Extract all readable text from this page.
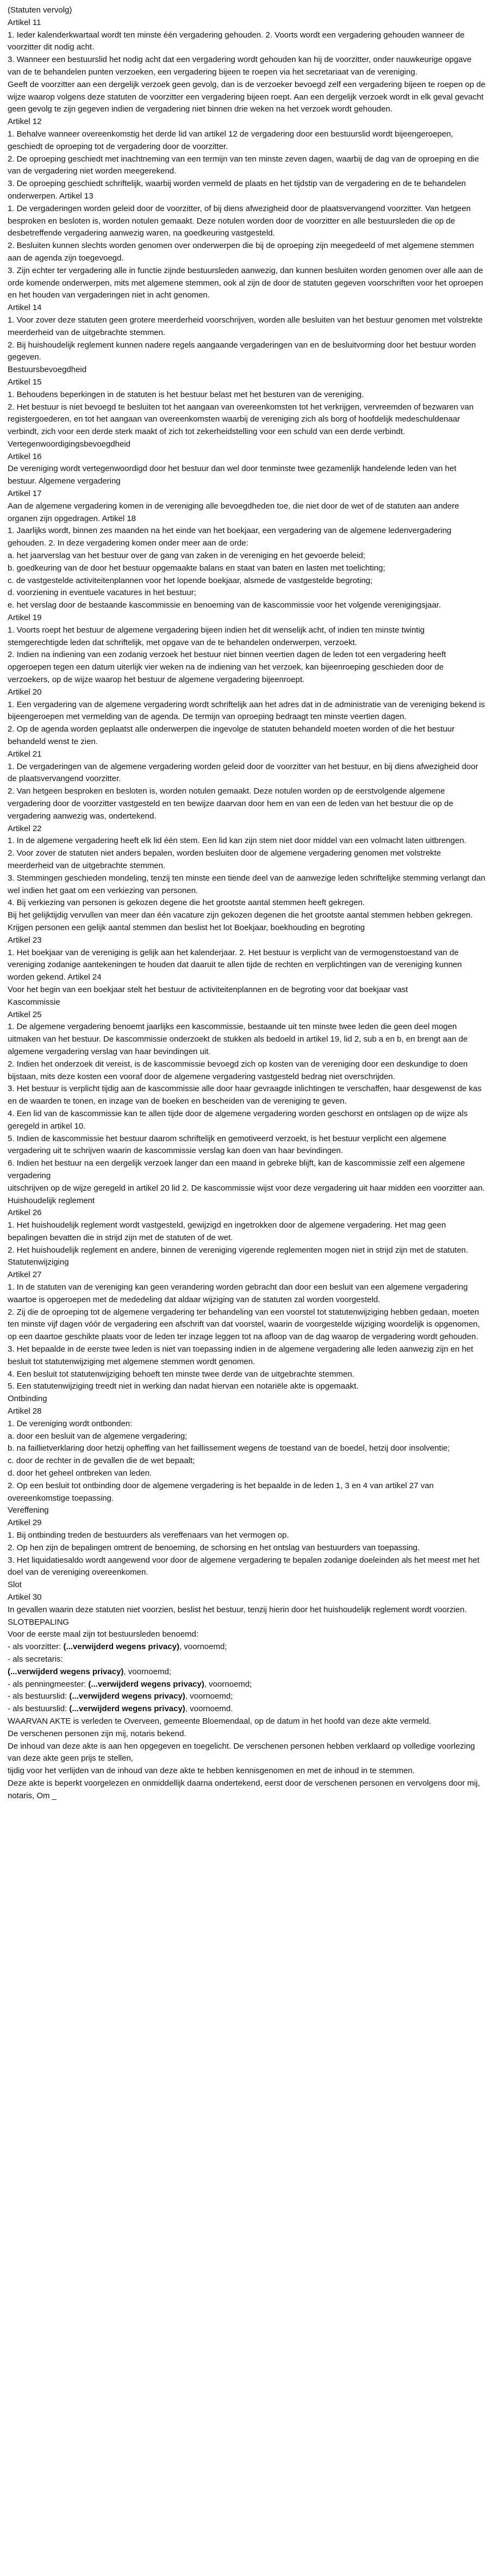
(Statuten vervolg)

Artikel 11

1. Ieder kalenderkwartaal wordt ten minste één vergadering gehouden. 2. Voorts wordt een vergadering gehouden wanneer de voorzitter dit nodig acht.

3. Wanneer een bestuurslid het nodig acht dat een vergadering wordt gehouden kan hij de voorzitter, onder nauwkeurige opgave van de te behandelen punten verzoeken, een vergadering bijeen te roepen via het secretariaat van de vereniging.

Geeft de voorzitter aan een dergelijk verzoek geen gevolg, dan is de verzoeker bevoegd zelf een vergadering bijeen te roepen op de wijze waarop volgens deze statuten de voorzitter een vergadering bijeen roept. Aan een dergelijk verzoek wordt in elk geval gevacht geen gevolg te zijn gegeven indien de vergadering niet binnen drie weken na het verzoek wordt gehouden.

Artikel 12

1. Behalve wanneer overeenkomstig het derde lid van artikel 12 de vergadering door een bestuurslid wordt bijeengeroepen, geschiedt de oproeping tot de vergadering door de voorzitter.

2. De oproeping geschiedt met inachtneming van een termijn van ten minste zeven dagen, waarbij de dag van de oproeping en die van de vergadering niet worden meegerekend.

3. De oproeping geschiedt schriftelijk, waarbij worden vermeld de plaats en het tijdstip van de vergadering en de te behandelen onderwerpen. Artikel 13

1. De vergaderingen worden geleid door de voorzitter, of bij diens afwezigheid door de plaatsvervangend voorzitter. Van hetgeen besproken en besloten is, worden notulen gemaakt. Deze notulen worden door de voorzitter en alle bestuursleden die op de desbetreffende vergadering aanwezig waren, na goedkeuring vastgesteld.

2. Besluiten kunnen slechts worden genomen over onderwerpen die bij de oproeping zijn meegedeeld of met algemene stemmen aan de agenda zijn toegevoegd.

3. Zijn echter ter vergadering alle in functie zijnde bestuursleden aanwezig, dan kunnen besluiten worden genomen over alle aan de orde komende onderwerpen, mits met algemene stemmen, ook al zijn de door de statuten gegeven voorschriften voor het oproepen en het houden van vergaderingen niet in acht genomen.

Artikel 14

1. Voor zover deze statuten geen grotere meerderheid voorschrijven, worden alle besluiten van het bestuur genomen met volstrekte meerderheid van de uitgebrachte stemmen.

2. Bij huishoudelijk reglement kunnen nadere regels aangaande vergaderingen van en de besluitvorming door het bestuur worden gegeven.

Bestuursbevoegdheid

Artikel 15

1. Behoudens beperkingen in de statuten is het bestuur belast met het besturen van de vereniging.

2. Het bestuur is niet bevoegd te besluiten tot het aangaan van overeenkomsten tot het verkrijgen, vervreemden of bezwaren van registergoederen, en tot het aangaan van overeenkomsten waarbij de vereniging zich als borg of hoofdelijk medeschuldenaar verbindt, zich voor een derde sterk maakt of zich tot zekerheidstelling voor een schuld van een derde verbindt.

Vertegenwoordigingsbevoegdheid

Artikel 16

De vereniging wordt vertegenwoordigd door het bestuur dan wel door tenminste twee gezamenlijk handelende leden van het bestuur. Algemene vergadering

Artikel 17

Aan de algemene vergadering komen in de vereniging alle bevoegdheden toe, die niet door de wet of de statuten aan andere organen zijn opgedragen. Artikel 18

1. Jaarlijks wordt, binnen zes maanden na het einde van het boekjaar, een vergadering van de algemene ledenvergadering gehouden. 2. In deze vergadering komen onder meer aan de orde:

a. het jaarverslag van het bestuur over de gang van zaken in de vereniging en het gevoerde beleid;

b. goedkeuring van de door het bestuur opgemaakte balans en staat van baten en lasten met toelichting;

c. de vastgestelde activiteitenplannen voor het lopende boekjaar, alsmede de vastgestelde begroting;

d. voorziening in eventuele vacatures in het bestuur;

e. het verslag door de bestaande kascommissie en benoeming van de kascommissie voor het volgende verenigingsjaar.

Artikel 19

1. Voorts roept het bestuur de algemene vergadering bijeen indien het dit wenselijk acht, of indien ten minste twintig stemgerechtigde leden dat schriftelijk, met opgave van de te behandelen onderwerpen, verzoekt.

2. Indien na indiening van een zodanig verzoek het bestuur niet binnen veertien dagen de leden tot een vergadering heeft opgeroepen tegen een datum uiterlijk vier weken na de indiening van het verzoek, kan bijeenroeping geschieden door de verzoekers, op de wijze waarop het bestuur de algemene vergadering bijeenroept.

Artikel 20

1. Een vergadering van de algemene vergadering wordt schriftelijk aan het adres dat in de administratie van de vereniging bekend is bijeengeroepen met vermelding van de agenda. De termijn van oproeping bedraagt ten minste veertien dagen.

2. Op de agenda worden geplaatst alle onderwerpen die ingevolge de statuten behandeld moeten worden of die het bestuur behandeld wenst te zien.

Artikel 21

1. De vergaderingen van de algemene vergadering worden geleid door de voorzitter van het bestuur, en bij diens afwezigheid door de plaatsvervangend voorzitter.

2. Van hetgeen besproken en besloten is, worden notulen gemaakt. Deze notulen worden op de eerstvolgende algemene vergadering door de voorzitter vastgesteld en ten bewijze daarvan door hem en van een de leden van het bestuur die op de vergadering aanwezig was, ondertekend.

Artikel 22

1. In de algemene vergadering heeft elk lid één stem. Een lid kan zijn stem niet door middel van een volmacht laten uitbrengen.

2. Voor zover de statuten niet anders bepalen, worden besluiten door de algemene vergadering genomen met volstrekte meerderheid van de uitgebrachte stemmen.

3. Stemmingen geschieden mondeling, tenzij ten minste een tiende deel van de aanwezige leden schriftelijke stemming verlangt dan wel indien het gaat om een verkiezing van personen.

4. Bij verkiezing van personen is gekozen degene die het grootste aantal stemmen heeft gekregen.

Bij het gelijktijdig vervullen van meer dan één vacature zijn gekozen degenen die het grootste aantal stemmen hebben gekregen. Krijgen personen een gelijk aantal stemmen dan beslist het lot Boekjaar, boekhouding en begroting

Artikel 23

1. Het boekjaar van de vereniging is gelijk aan het kalenderjaar. 2. Het bestuur is verplicht van de vermogenstoestand van de vereniging zodanige aantekeningen te houden dat daaruit te allen tijde de rechten en verplichtingen van de vereniging kunnen worden gekend. Artikel 24

Voor het begin van een boekjaar stelt het bestuur de activiteitenplannen en de begroting voor dat boekjaar vast

Kascommissie

Artikel 25

1. De algemene vergadering benoemt jaarlijks een kascommissie, bestaande uit ten minste twee leden die geen deel mogen uitmaken van het bestuur. De kascommissie onderzoekt de stukken als bedoeld in artikel 19, lid 2, sub a en b, en brengt aan de algemene vergadering verslag van haar bevindingen uit.

2. Indien het onderzoek dit vereist, is de kascommissie bevoegd zich op kosten van de vereniging door een deskundige to doen bijstaan, mits deze kosten een vooraf door de algemene vergadering vastgesteld bedrag niet overschrijden.

3. Het bestuur is verplicht tijdig aan de kascommissie alle door haar gevraagde inlichtingen te verschaffen, haar desgewenst de kas en de waarden te tonen, en inzage van de boeken en bescheiden van de vereniging te geven.

4. Een lid van de kascommissie kan te allen tijde door de algemene vergadering worden geschorst en ontslagen op de wijze als geregeld in artikel 10.

5. Indien de kascommissie het bestuur daarom schriftelijk en gemotiveerd verzoekt, is het bestuur verplicht een algemene vergadering uit te schrijven waarin de kascommissie verslag kan doen van haar bevindingen.

6. Indien het bestuur na een dergelijk verzoek langer dan een maand in gebreke blijft, kan de kascommissie zelf een algemene vergadering

uitschrijven op de wijze geregeld in artikel 20 lid 2. De kascommissie wijst voor deze vergadering uit haar midden een voorzitter aan. Huishoudelijk reglement

Artikel 26

1. Het huishoudelijk reglement wordt vastgesteld, gewijzigd en ingetrokken door de algemene vergadering. Het mag geen bepalingen bevatten die in strijd zijn met de statuten of de wet.

2. Het huishoudelijk reglement en andere, binnen de vereniging vigerende reglementen mogen niet in strijd zijn met de statuten.

Statutenwijziging

Artikel 27

1. In de statuten van de vereniging kan geen verandering worden gebracht dan door een besluit van een algemene vergadering waartoe is opgeroepen met de mededeling dat aldaar wijziging van de statuten zal worden voorgesteld.

2. Zij die de oproeping tot de algemene vergadering ter behandeling van een voorstel tot statutenwijziging hebben gedaan, moeten ten minste vijf dagen vóór de vergadering een afschrift van dat voorstel, waarin de voorgestelde wijziging woordelijk is opgenomen, op een daartoe geschikte plaats voor de leden ter inzage leggen tot na afloop van de dag waarop de vergadering wordt gehouden.

3. Het bepaalde in de eerste twee leden is niet van toepassing indien in de algemene vergadering alle leden aanwezig zijn en het besluit tot statutenwijziging met algemene stemmen wordt genomen.

4. Een besluit tot statutenwijziging behoeft ten minste twee derde van de uitgebrachte stemmen.

5. Een statutenwijziging treedt niet in werking dan nadat hiervan een notariële akte is opgemaakt.

Ontbinding

Artikel 28

1. De vereniging wordt ontbonden:

a. door een besluit van de algemene vergadering;

b. na faillietverklaring door hetzij opheffing van het faillissement wegens de toestand van de boedel, hetzij door insolventie;

c. door de rechter in de gevallen die de wet bepaalt;

d. door het geheel ontbreken van leden.

2. Op een besluit tot ontbinding door de algemene vergadering is het bepaalde in de leden 1, 3 en 4 van artikel 27 van overeenkomstige toepassing.

Vereffening

Artikel 29

1. Bij ontbinding treden de bestuurders als vereffenaars van het vermogen op.

2. Op hen zijn de bepalingen omtrent de benoeming, de schorsing en het ontslag van bestuurders van toepassing.

3. Het liquidatiesaldo wordt aangewend voor door de algemene vergadering te bepalen zodanige doeleinden als het meest met het doel van de vereniging overeenkomen.

Slot

Artikel 30

In gevallen waarin deze statuten niet voorzien, beslist het bestuur, tenzij hierin door het huishoudelijk reglement wordt voorzien. SLOTBEPALING

Voor de eerste maal zijn tot bestuursleden benoemd:

- als voorzitter: (...verwijderd wegens privacy), voornoemd;

- als secretaris:

(...verwijderd wegens privacy), voornoemd;

- als penningmeester: (...verwijderd wegens privacy), voornoemd;

- als bestuurslid: (...verwijderd wegens privacy), voornoemd;

- als bestuurslid: (...verwijderd wegens privacy), voornoemd.

WAARVAN AKTE is verleden te Overveen, gemeente Bloemendaal, op de datum in het hoofd van deze akte vermeld.

De verschenen personen zijn mij, notaris bekend.

De inhoud van deze akte is aan hen opgegeven en toegelicht. De verschenen personen hebben verklaard op volledige voorlezing van deze akte geen prijs te stellen,

tijdig voor het verlijden van de inhoud van deze akte te hebben kennisgenomen en met de inhoud in te stemmen.

Deze akte is beperkt voorgelezen en onmiddellijk daarna ondertekend, eerst door de verschenen personen en vervolgens door mij, notaris, Om _
